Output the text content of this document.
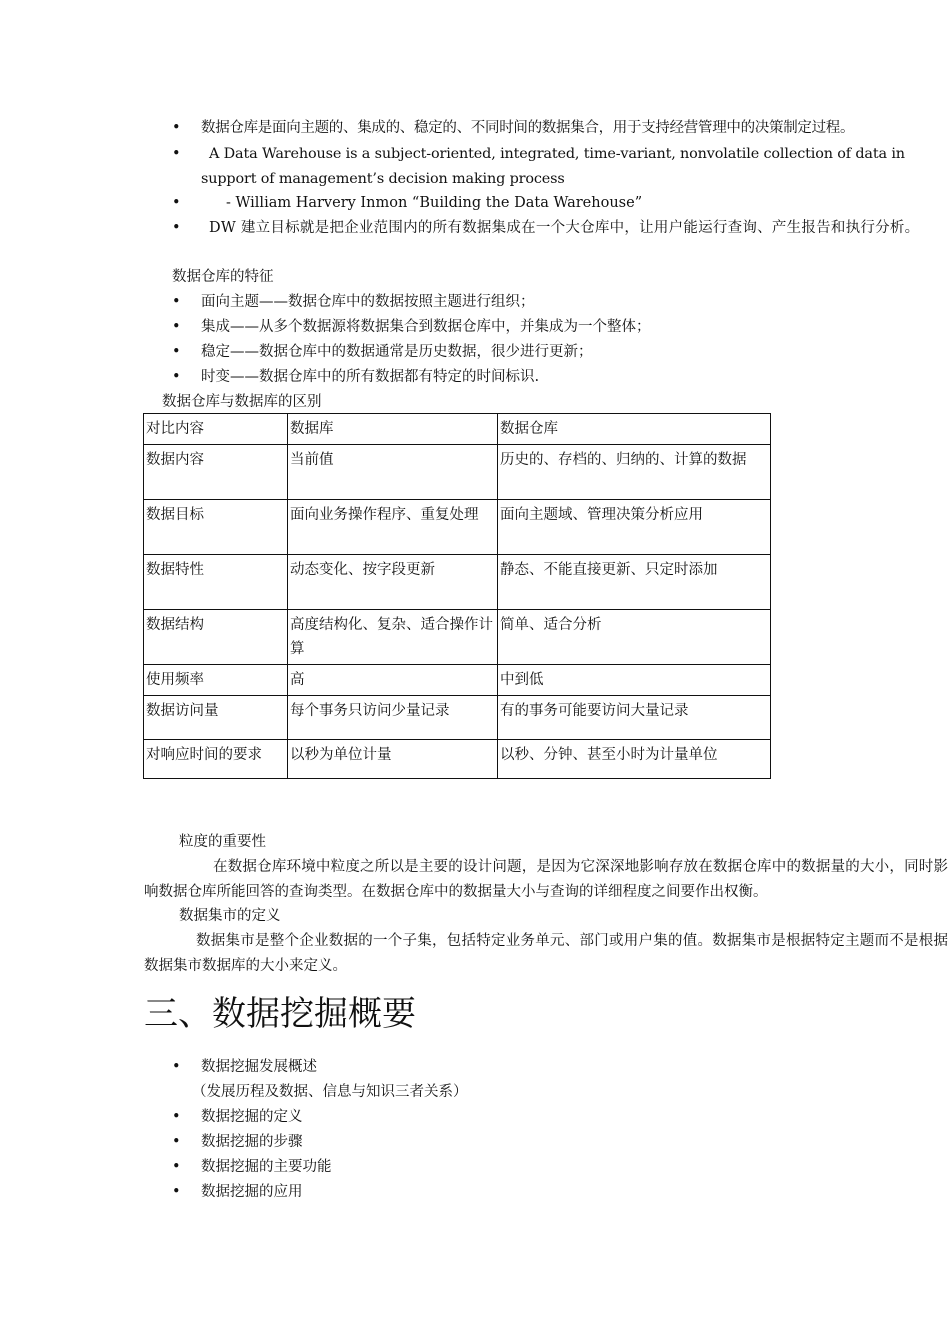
•	数据仓库是面向主题的、集成的、稳定的、不同时间的数据集合，用于支持经营管理中的决策制定过程。
•	A Data Warehouse is a subject-oriented, integrated, time-variant, nonvolatile collection of data in support of management’s decision making process
•	- William Harvery Inmon “Building the Data Warehouse”
•	DW 建立目标就是把企业范围内的所有数据集成在一个大仓库中，让用户能运行查询、产生报告和执行分析。
数据仓库的特征
•	面向主题——数据仓库中的数据按照主题进行组织；
•	集成——从多个数据源将数据集合到数据仓库中，并集成为一个整体；
•	稳定——数据仓库中的数据通常是历史数据，很少进行更新；
•	时变——数据仓库中的所有数据都有特定的时间标识.
数据仓库与数据库的区别
对比内容	数据库	数据仓库
数据内容	当前值	历史的、存档的、归纳的、计算的数据
数据目标	面向业务操作程序、重复处理	面向主题域、管理决策分析应用
数据特性	动态变化、按字段更新	静态、不能直接更新、只定时添加
数据结构	高度结构化、复杂、适合操作计算	简单、适合分析
使用频率	高	中到低
数据访问量	每个事务只访问少量记录	有的事务可能要访问大量记录
对响应时间的要求	以秒为单位计量	以秒、分钟、甚至小时为计量单位
粒度的重要性
在数据仓库环境中粒度之所以是主要的设计问题，是因为它深深地影响存放在数据仓库中的数据量的大小，同时影响数据仓库所能回答的查询类型。在数据仓库中的数据量大小与查询的详细程度之间要作出权衡。
数据集市的定义
数据集市是整个企业数据的一个子集，包括特定业务单元、部门或用户集的值。数据集市是根据特定主题而不是根据数据集市数据库的大小来定义。
三、数据挖掘概要
•	数据挖掘发展概述
（发展历程及数据、信息与知识三者关系）
•	数据挖掘的定义
•	数据挖掘的步骤
•	数据挖掘的主要功能
•	数据挖掘的应用
